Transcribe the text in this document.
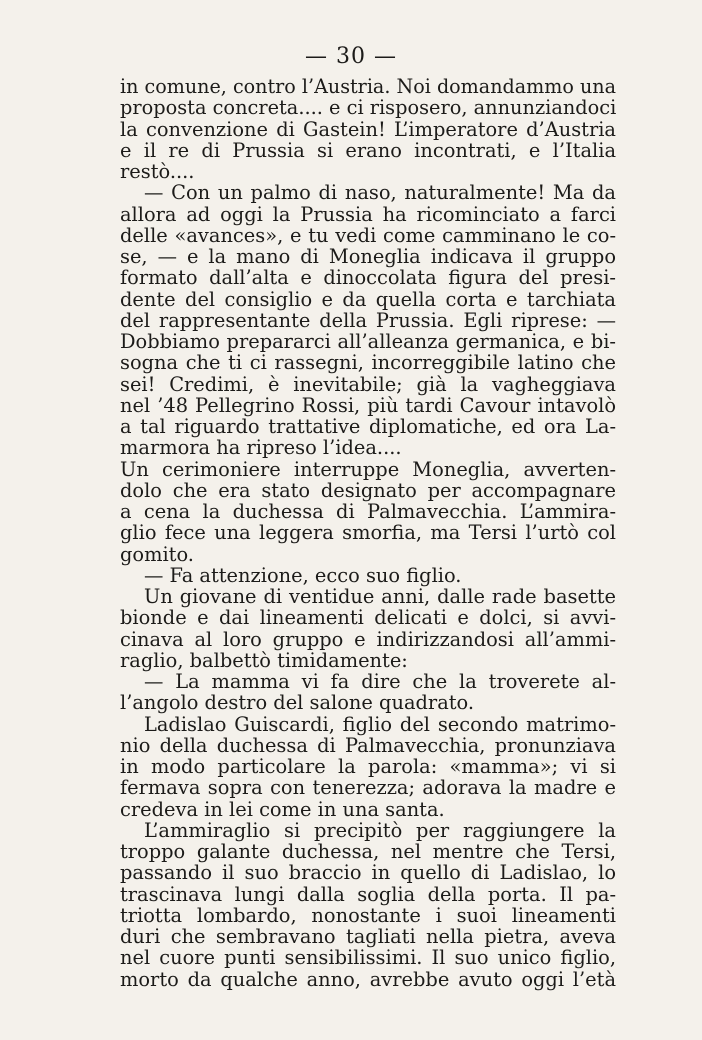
— 30 —
in comune, contro l’Austria. Noi domandammo una
proposta concreta.... e ci risposero, annunziandoci
la convenzione di Gastein! L’imperatore d’Austria
e il re di Prussia si erano incontrati, e l’Italia
restò....
— Con un palmo di naso, naturalmente! Ma da
allora ad oggi la Prussia ha ricominciato a farci
delle «avances», e tu vedi come camminano le co-
se, — e la mano di Moneglia indicava il gruppo
formato dall’alta e dinoccolata figura del presi-
dente del consiglio e da quella corta e tarchiata
del rappresentante della Prussia. Egli riprese: —
Dobbiamo prepararci all’alleanza germanica, e bi-
sogna che ti ci rassegni, incorreggibile latino che
sei! Credimi, è inevitabile; già la vagheggiava
nel ’48 Pellegrino Rossi, più tardi Cavour intavolò
a tal riguardo trattative diplomatiche, ed ora La-
marmora ha ripreso l’idea....
Un cerimoniere interruppe Moneglia, avverten-
dolo che era stato designato per accompagnare
a cena la duchessa di Palmavecchia. L’ammira-
glio fece una leggera smorfia, ma Tersi l’urtò col
gomito.
— Fa attenzione, ecco suo figlio.
Un giovane di ventidue anni, dalle rade basette
bionde e dai lineamenti delicati e dolci, si avvi-
cinava al loro gruppo e indirizzandosi all’ammi-
raglio, balbettò timidamente:
— La mamma vi fa dire che la troverete al-
l’angolo destro del salone quadrato.
Ladislao Guiscardi, figlio del secondo matrimo-
nio della duchessa di Palmavecchia, pronunziava
in modo particolare la parola: «mamma»; vi si
fermava sopra con tenerezza; adorava la madre e
credeva in lei come in una santa.
L’ammiraglio si precipitò per raggiungere la
troppo galante duchessa, nel mentre che Tersi,
passando il suo braccio in quello di Ladislao, lo
trascinava lungi dalla soglia della porta. Il pa-
triotta lombardo, nonostante i suoi lineamenti
duri che sembravano tagliati nella pietra, aveva
nel cuore punti sensibilissimi. Il suo unico figlio,
morto da qualche anno, avrebbe avuto oggi l’età
